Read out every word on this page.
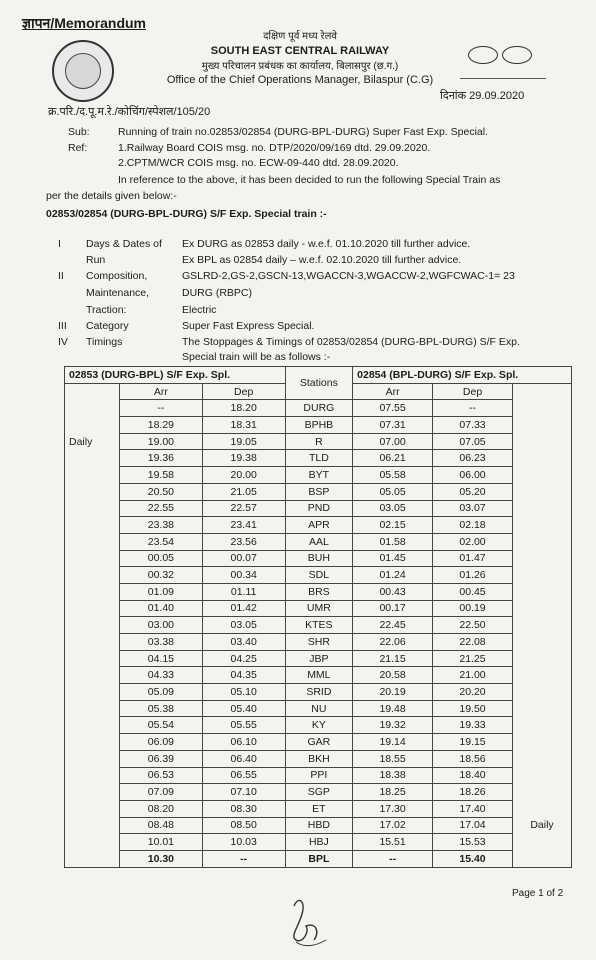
ज्ञापन/Memorandum
दक्षिण पूर्व मध्य रेलवे
SOUTH EAST CENTRAL RAILWAY
मुख्य परिचालन प्रबंधक का कार्यालय, बिलासपुर (छ.ग.)
Office of the Chief Operations Manager, Bilaspur (C.G)
क्र.परि./द.पू.म.रे./कोचिंग/स्पेशल/105/20
दिनांक 29.09.2020
Sub:	Running of train no.02853/02854 (DURG-BPL-DURG) Super Fast Exp. Special.
Ref:	1.Railway Board COIS msg. no. DTP/2020/09/169 dtd. 29.09.2020.
2.CPTM/WCR COIS msg. no. ECW-09-440 dtd. 28.09.2020.
In reference to the above, it has been decided to run the following Special Train as
per the details given below:-
02853/02854 (DURG-BPL-DURG) S/F Exp. Special train :-
I Days & Dates of
Run
Ex DURG as 02853 daily - w.e.f. 01.10.2020 till further advice.
Ex BPL as 02854 daily – w.e.f. 02.10.2020 till further advice.
II Composition,	GSLRD-2,GS-2,GSCN-13,WGACCN-3,WGACCW-2,WGFCWAC-1= 23
Maintenance,	DURG (RBPC)
Traction:	Electric
III Category	Super Fast Express Special.
IV Timings	The Stoppages & Timings of 02853/02854 (DURG-BPL-DURG) S/F Exp.
Special train will be as follows :-
02853 (DURG-BPL) S/F Exp. Spl.			Stations	02854 (BPL-DURG) S/F Exp. Spl.		
	Arr	Dep		Arr	Dep	
	--	18.20	DURG	07.55	--	
	18.29	18.31	BPHB	07.31	07.33	
Daily	19.00	19.05	R	07.00	07.05	
	19.36	19.38	TLD	06.21	06.23	
	19.58	20.00	BYT	05.58	06.00	
	20.50	21.05	BSP	05.05	05.20	
	22.55	22.57	PND	03.05	03.07	
	23.38	23.41	APR	02.15	02.18	
	23.54	23.56	AAL	01.58	02.00	
	00.05	00.07	BUH	01.45	01.47	
	00.32	00.34	SDL	01.24	01.26	
	01.09	01.11	BRS	00.43	00.45	
	01.40	01.42	UMR	00.17	00.19	
	03.00	03.05	KTES	22.45	22.50	
	03.38	03.40	SHR	22.06	22.08	
	04.15	04.25	JBP	21.15	21.25	
	04.33	04.35	MML	20.58	21.00	
	05.09	05.10	SRID	20.19	20.20	
	05.38	05.40	NU	19.48	19.50	
	05.54	05.55	KY	19.32	19.33	
	06.09	06.10	GAR	19.14	19.15	
	06.39	06.40	BKH	18.55	18.56	
	06.53	06.55	PPI	18.38	18.40	
	07.09	07.10	SGP	18.25	18.26	
	08.20	08.30	ET	17.30	17.40	
	08.48	08.50	HBD	17.02	17.04	Daily
	10.01	10.03	HBJ	15.51	15.53	
	10.30	--	BPL	--	15.40	
Page 1 of 2
